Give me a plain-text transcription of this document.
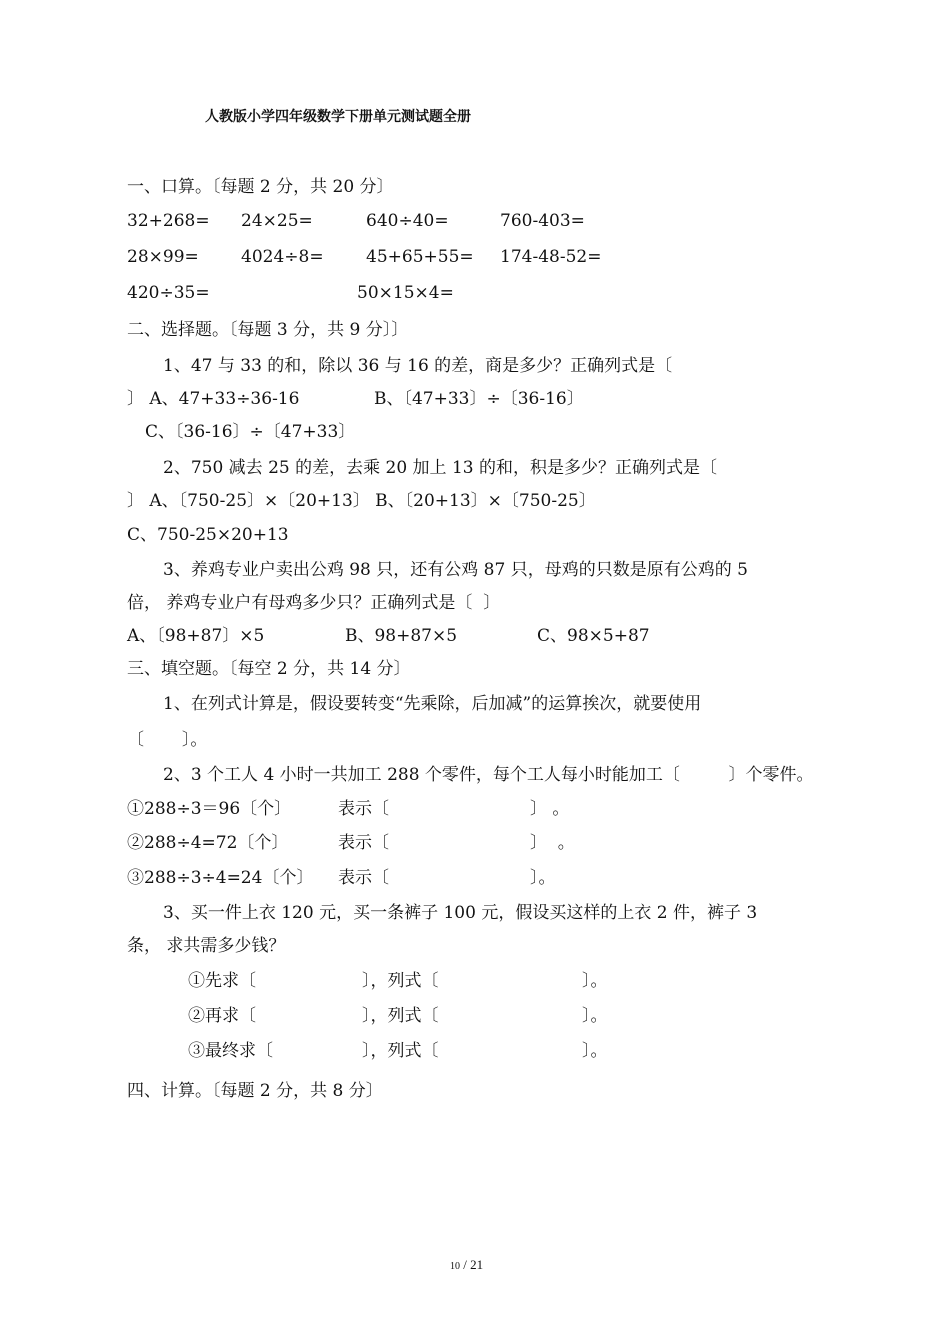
人教版小学四年级数学下册单元测试题全册
一、口算。〔每题 2 分，共 20 分〕
32+268= 24×25=	640÷40=	760-403=
28×99= 4024÷8= 45+65+55= 174-48-52=
420÷35=	50×15×4=
二、选择题。〔每题 3 分，共 9 分〕〕
1、47 与 33 的和，除以 36 与 16 的差，商是多少？正确列式是〔
〕 A、47+33÷36-16	B、〔47+33〕÷〔36-16〕
C、〔36-16〕÷〔47+33〕
2、750 减去 25 的差，去乘 20 加上 13 的和，积是多少？正确列式是〔
〕 A、〔750-25〕×〔20+13〕 B、〔20+13〕×〔750-25〕
C、750-25×20+13
3、养鸡专业户卖出公鸡 98 只，还有公鸡 87 只，母鸡的只数是原有公鸡的 5
倍， 养鸡专业户有母鸡多少只？正确列式是〔  〕
A、〔98+87〕×5	B、98+87×5	C、98×5+87
三、填空题。〔每空 2 分，共 14 分〕
1、在列式计算是，假设要转变“先乘除，后加减”的运算挨次，就要使用
〔       〕。
2、3 个工人 4 小时一共加工 288 个零件，每个工人每小时能加工〔         〕个零件。
①288÷3＝96〔个〕	表示〔	〕 。
②288÷4=72〔个〕	表示〔	〕  。
③288÷3÷4=24〔个〕 表示〔	〕。
3、买一件上衣 120 元，买一条裤子 100 元，假设买这样的上衣 2 件，裤子 3
条， 求共需多少钱？
①先求〔	〕，列式〔	〕。
②再求〔	〕，列式〔	〕。
③最终求〔	〕，列式〔	〕。
四、计算。〔每题 2 分，共 8 分〕
10 / 21
